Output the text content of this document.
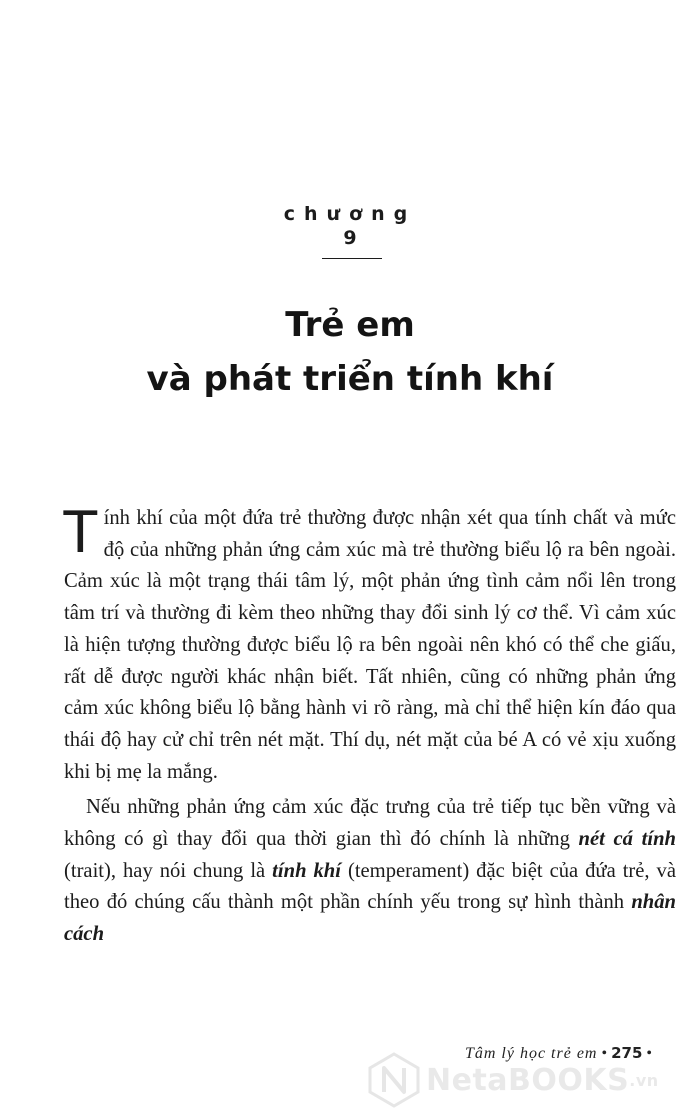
chương
9
Trẻ em
và phát triển tính khí

Tính khí của một đứa trẻ thường được nhận xét qua tính chất và mức độ của những phản ứng cảm xúc mà trẻ thường biểu lộ ra bên ngoài. Cảm xúc là một trạng thái tâm lý, một phản ứng tình cảm nổi lên trong tâm trí và thường đi kèm theo những thay đổi sinh lý cơ thể. Vì cảm xúc là hiện tượng thường được biểu lộ ra bên ngoài nên khó có thể che giấu, rất dễ được người khác nhận biết. Tất nhiên, cũng có những phản ứng cảm xúc không biểu lộ bằng hành vi rõ ràng, mà chỉ thể hiện kín đáo qua thái độ hay cử chỉ trên nét mặt. Thí dụ, nét mặt của bé A có vẻ xịu xuống khi bị mẹ la mắng.

Nếu những phản ứng cảm xúc đặc trưng của trẻ tiếp tục bền vững và không có gì thay đổi qua thời gian thì đó chính là những nét cá tính (trait), hay nói chung là tính khí (temperament) đặc biệt của đứa trẻ, và theo đó chúng cấu thành một phần chính yếu trong sự hình thành nhân cách

Tâm lý học trẻ em • 275 •
NetaBOOKS .vn
